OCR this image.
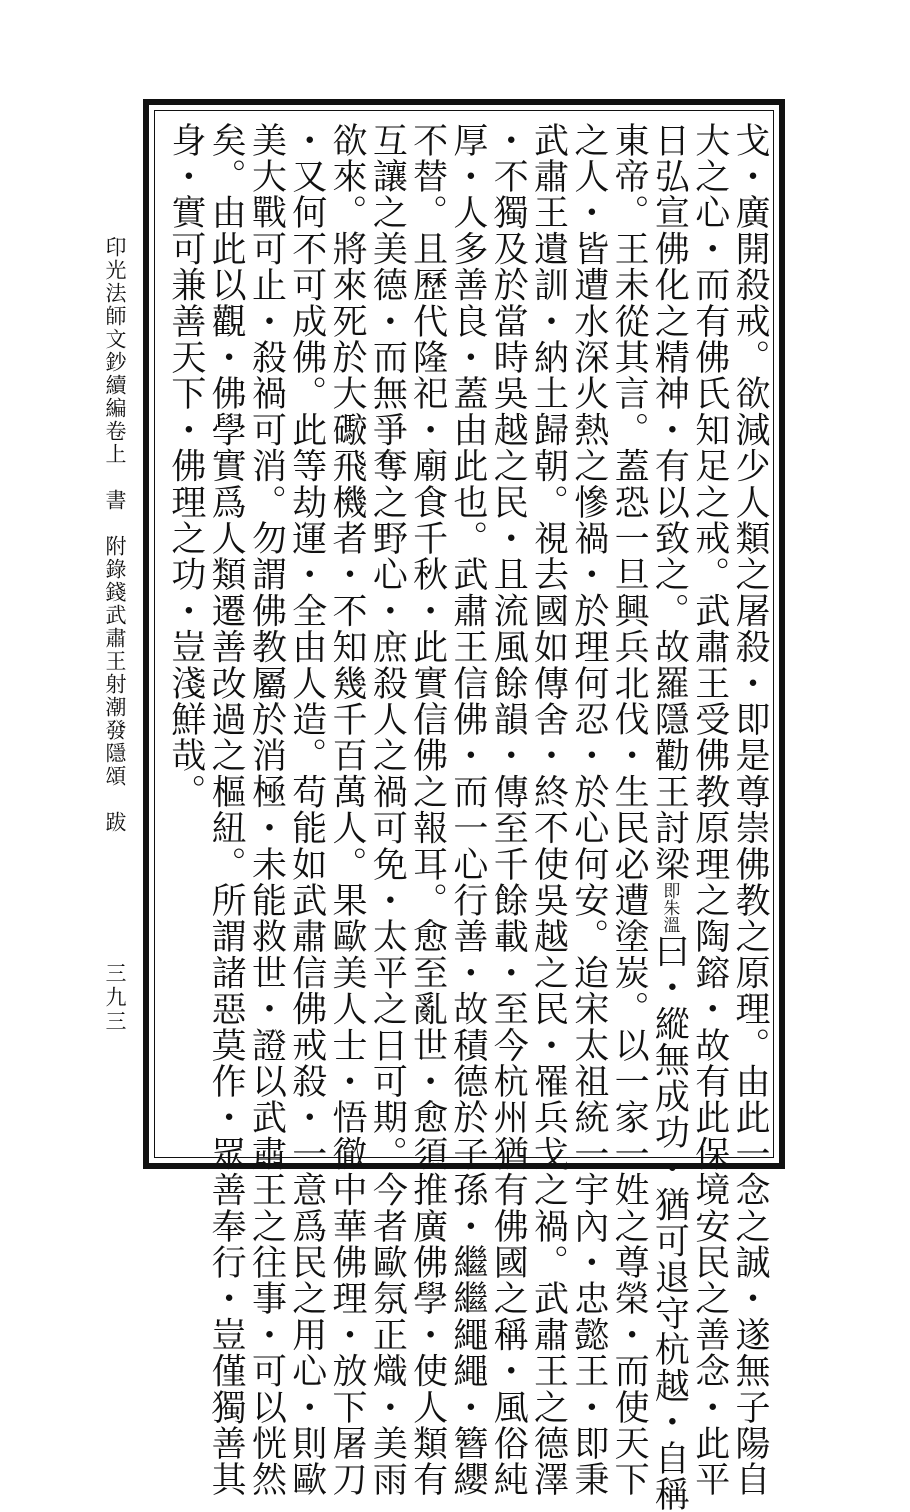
印光法師文鈔續編卷上　書　附錄錢武肅王射潮發隱頌　跋
三九三	戈・廣開殺戒。欲減少人類之屠殺・即是尊崇佛教之原理。由此一念之誠・遂無子陽自
大之心・而有佛氏知足之戒。武肅王受佛教原理之陶鎔・故有此保境安民之善念・此平
日弘宣佛化之精神・有以致之。故羅隱勸王討梁即朱溫曰・縱無成功・猶可退守杭越・自稱
東帝。王未從其言。蓋恐一旦興兵北伐・生民必遭塗炭。以一家一姓之尊榮・而使天下
之人・皆遭水深火熱之慘禍・於理何忍・於心何安。迨宋太祖統一宇內・忠懿王・即秉
武肅王遺訓・納土歸朝。視去國如傳舍・終不使吳越之民・罹兵戈之禍。武肅王之德澤
・不獨及於當時吳越之民・且流風餘韻・傳至千餘載・至今杭州猶有佛國之稱・風俗純
厚・人多善良・蓋由此也。武肅王信佛・而一心行善・故積德於子孫・繼繼繩繩・簪纓
不替。且歷代隆祀・廟食千秋・此實信佛之報耳。愈至亂世・愈須推廣佛學・使人類有
互讓之美德・而無爭奪之野心・庶殺人之禍可免・太平之日可期。今者歐氛正熾・美雨
欲來。將來死於大礮飛機者・不知幾千百萬人。果歐美人士・悟徹中華佛理・放下屠刀
・又何不可成佛。此等劫運・全由人造。苟能如武肅信佛戒殺・一意爲民之用心・則歐
美大戰可止・殺禍可消。勿謂佛教屬於消極・未能救世・證以武肅王之往事・可以恍然
矣。由此以觀・佛學實爲人類遷善改過之樞紐。所謂諸惡莫作・眾善奉行・豈僅獨善其
身・實可兼善天下・佛理之功・豈淺鮮哉。
